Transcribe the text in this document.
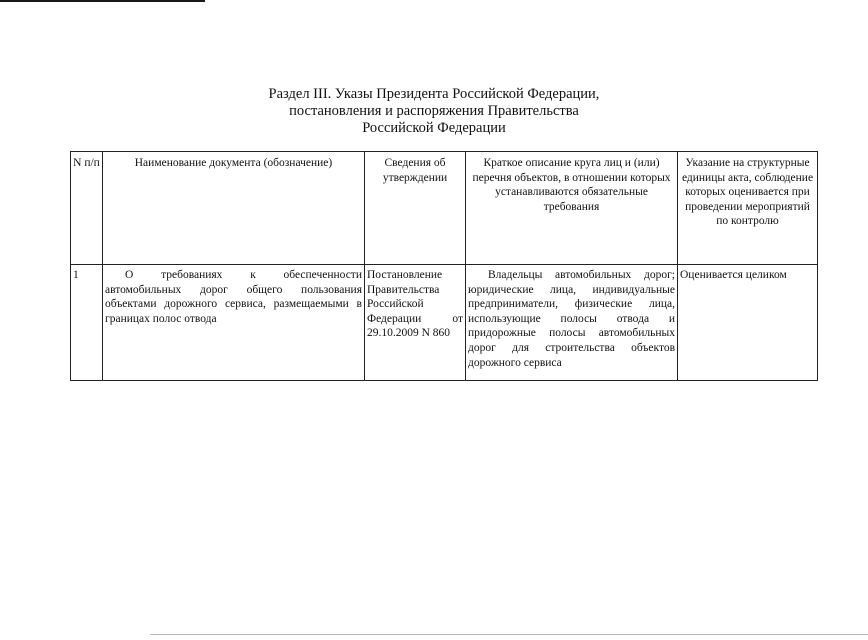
Раздел III. Указы Президента Российской Федерации,
постановления и распоряжения Правительства
Российской Федерации
N п/п	Наименование документа (обозначение)	Сведения об утверждении	Краткое описание круга лиц и (или) перечня объектов, в отношении которых устанавливаются обязательные требования	Указание на структурные единицы акта, соблюдение которых оценивается при проведении мероприятий по контролю
1	О требованиях к обеспеченности автомобильных дорог общего пользования объектами дорожного сервиса, размещаемыми в границах полос отвода	Постановление Правительства Российской Федерации от 29.10.2009 N 860	Владельцы автомобильных дорог; юридические лица, индивидуальные предприниматели, физические лица, использующие полосы отвода и придорожные полосы автомобильных дорог для строительства объектов дорожного сервиса	Оценивается целиком
